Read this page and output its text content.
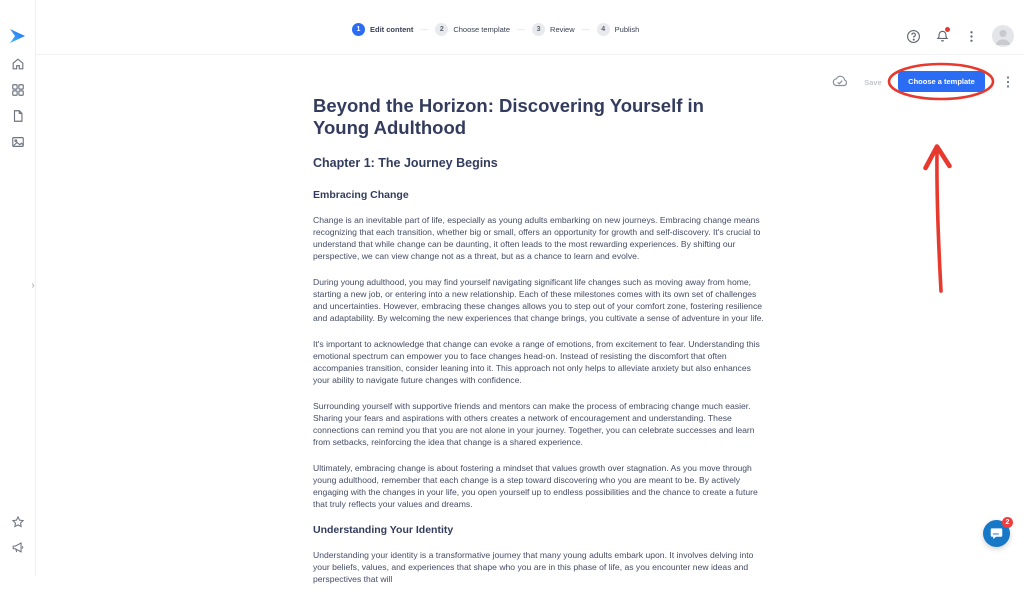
›
1	Edit content —	2	Choose template —	3	Review —	4	Publish
Save	Choose a template
Beyond the Horizon: Discovering Yourself in Young Adulthood
Chapter 1: The Journey Begins
Embracing Change

Change is an inevitable part of life, especially as young adults embarking on new journeys. Embracing change means recognizing that each transition, whether big or small, offers an opportunity for growth and self-discovery. It's crucial to understand that while change can be daunting, it often leads to the most rewarding experiences. By shifting our perspective, we can view change not as a threat, but as a chance to learn and evolve.

During young adulthood, you may find yourself navigating significant life changes such as moving away from home, starting a new job, or entering into a new relationship. Each of these milestones comes with its own set of challenges and uncertainties. However, embracing these changes allows you to step out of your comfort zone, fostering resilience and adaptability. By welcoming the new experiences that change brings, you cultivate a sense of adventure in your life.

It's important to acknowledge that change can evoke a range of emotions, from excitement to fear. Understanding this emotional spectrum can empower you to face changes head-on. Instead of resisting the discomfort that often accompanies transition, consider leaning into it. This approach not only helps to alleviate anxiety but also enhances your ability to navigate future changes with confidence.

Surrounding yourself with supportive friends and mentors can make the process of embracing change much easier. Sharing your fears and aspirations with others creates a network of encouragement and understanding. These connections can remind you that you are not alone in your journey. Together, you can celebrate successes and learn from setbacks, reinforcing the idea that change is a shared experience.

Ultimately, embracing change is about fostering a mindset that values growth over stagnation. As you move through young adulthood, remember that each change is a step toward discovering who you are meant to be. By actively engaging with the changes in your life, you open yourself up to endless possibilities and the chance to create a future that truly reflects your values and dreams.

Understanding Your Identity

Understanding your identity is a transformative journey that many young adults embark upon. It involves delving into your beliefs, values, and experiences that shape who you are in this phase of life, as you encounter new ideas and perspectives that will

2
